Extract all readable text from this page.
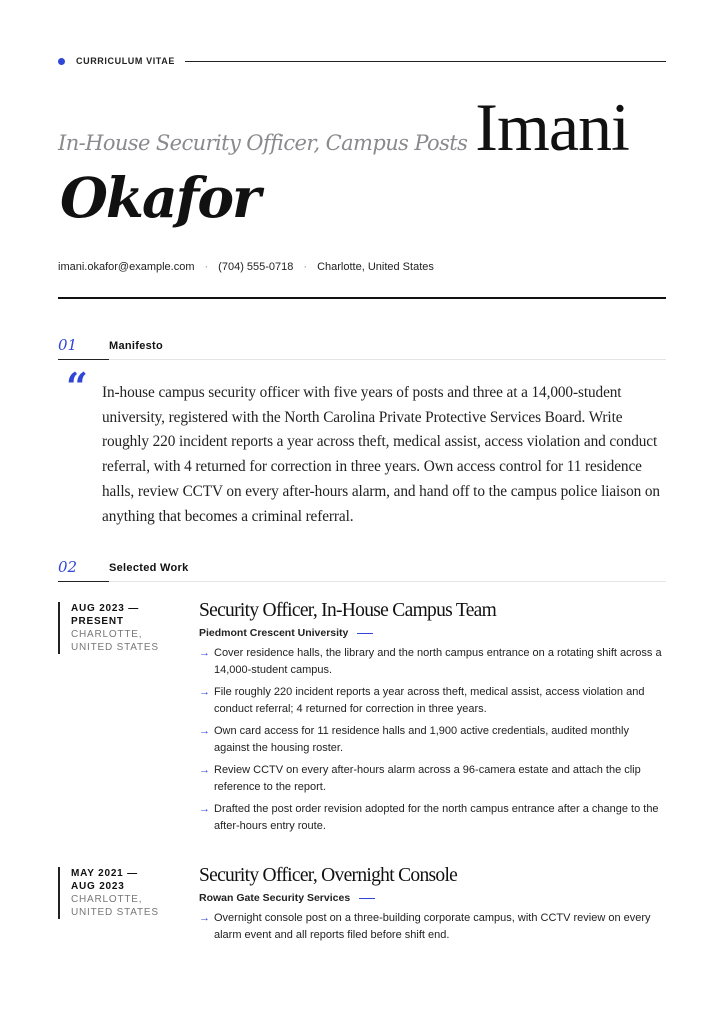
CURRICULUM VITAE
In-House Security Officer, Campus Posts Imani
Okafor
imani.okafor@example.com · (704) 555-0718 · Charlotte, United States
01	Manifesto
“ In-house campus security officer with five years of posts and three at a 14,000-student university, registered with the North Carolina Private Protective Services Board. Write roughly 220 incident reports a year across theft, medical assist, access violation and conduct referral, with 4 returned for correction in three years. Own access control for 11 residence halls, review CCTV on every after-hours alarm, and hand off to the campus police liaison on anything that becomes a criminal referral.
02	Selected Work
AUG 2023 —
PRESENT
CHARLOTTE,
UNITED STATES
Security Officer, In-House Campus Team
Piedmont Crescent University
→ Cover residence halls, the library and the north campus entrance on a rotating shift across a 14,000-student campus.
→ File roughly 220 incident reports a year across theft, medical assist, access violation and conduct referral; 4 returned for correction in three years.
→ Own card access for 11 residence halls and 1,900 active credentials, audited monthly against the housing roster.
→ Review CCTV on every after-hours alarm across a 96-camera estate and attach the clip reference to the report.
→ Drafted the post order revision adopted for the north campus entrance after a change to the after-hours entry route.
MAY 2021 —
AUG 2023
CHARLOTTE,
UNITED STATES
Security Officer, Overnight Console
Rowan Gate Security Services
→ Overnight console post on a three-building corporate campus, with CCTV review on every alarm event and all reports filed before shift end.
